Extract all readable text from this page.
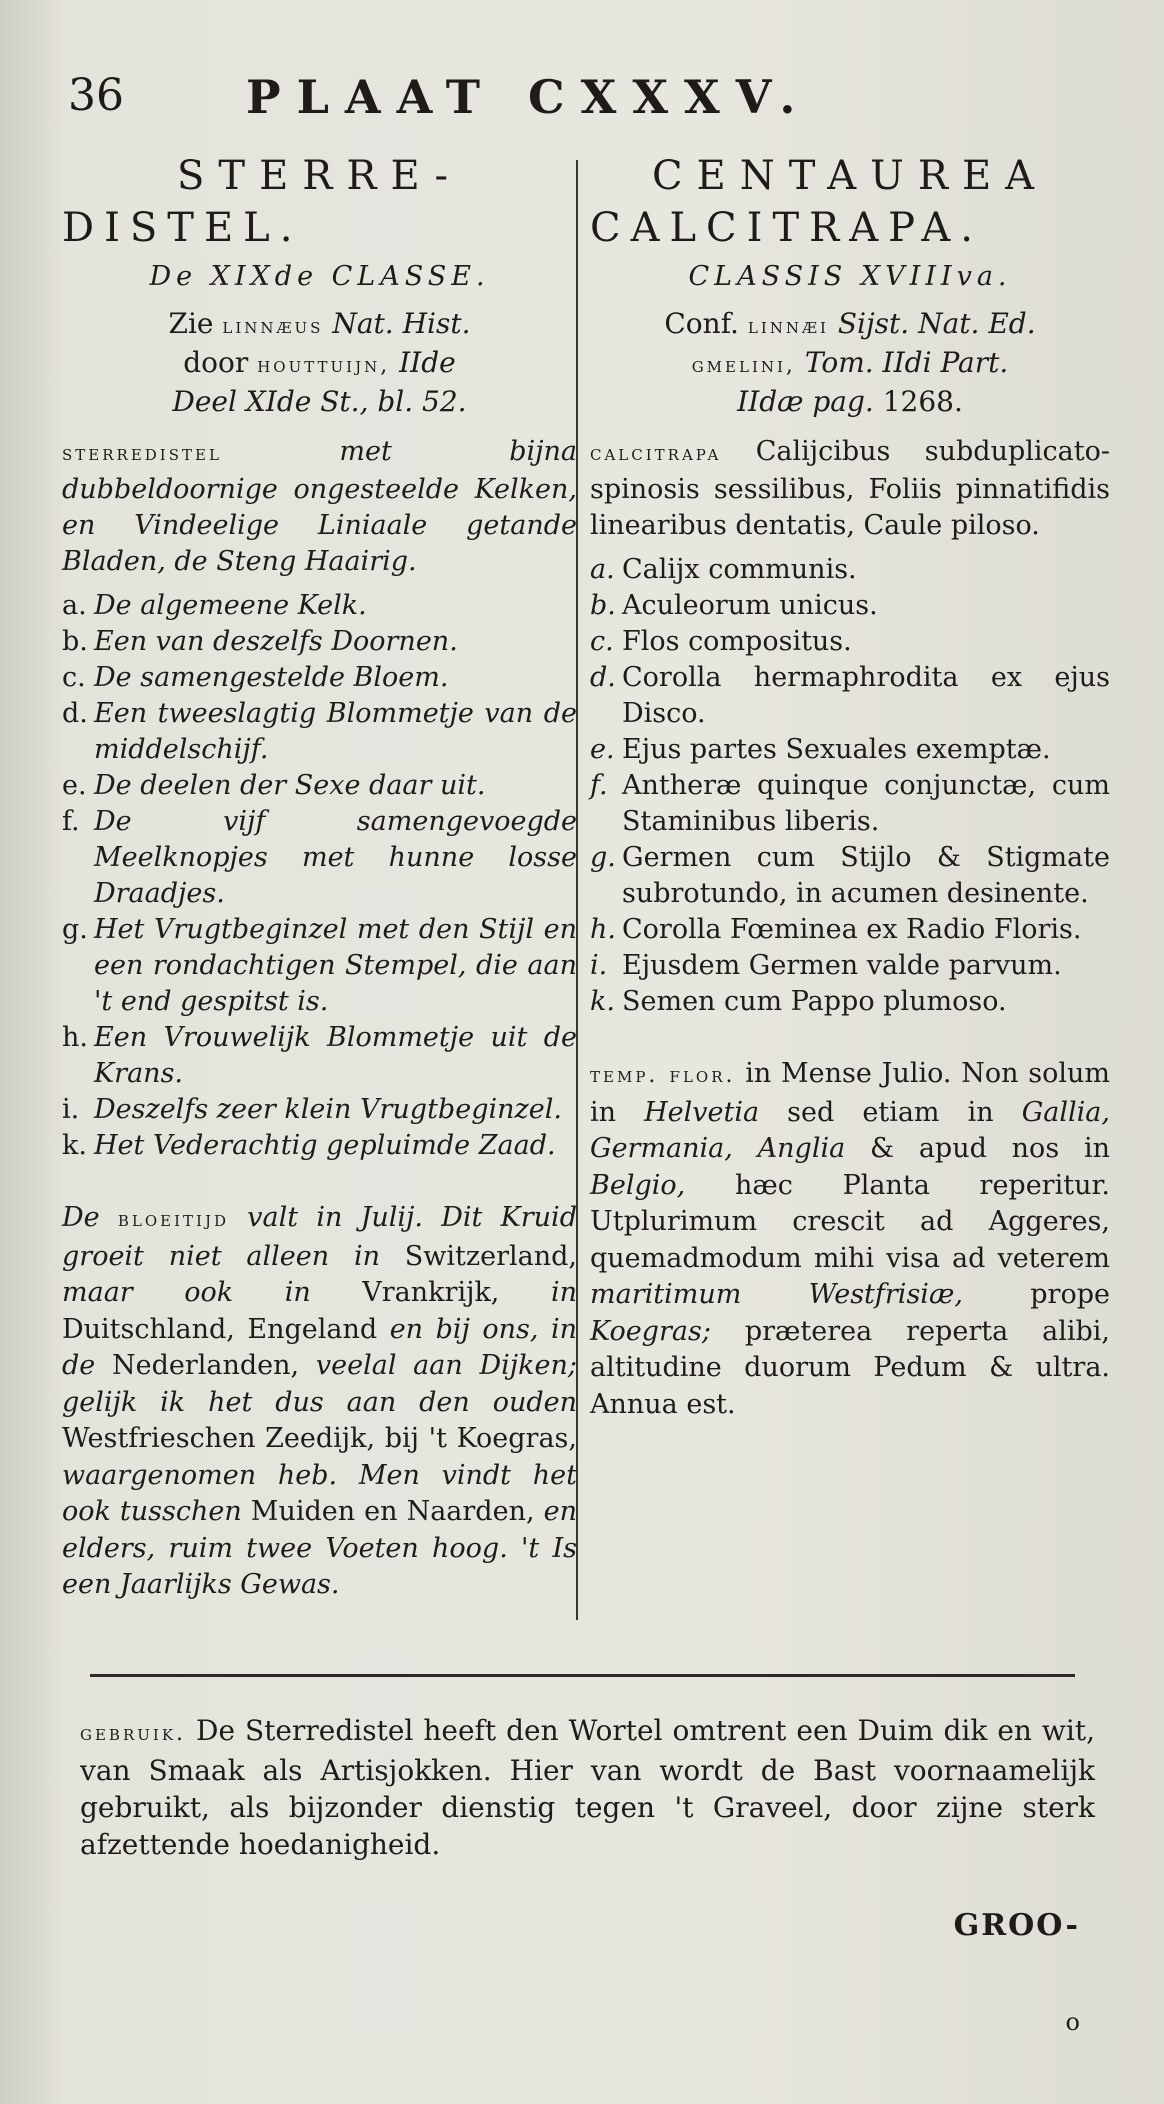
36	PLAAT CXXXV.

STERRE-

DISTEL.

De XIXde CLASSE.

Zie linnæus Nat. Hist.
door houttuijn, IIde
Deel XIde St., bl. 52.

sterredistel	met bijna dubbeldoornige ongesteelde Kelken, en Vindeelige Liniaale getande Bladen, de Steng Haairig.

a. De algemeene Kelk.
b. Een van deszelfs Doornen.
c. De samengestelde Bloem.
d. Een tweeslagtig Blommetje van de middelschijf.
e. De deelen der Sexe daar uit.
f. De vijf samengevoegde Meelknopjes met hunne losse Draadjes.
g. Het Vrugtbeginzel met den Stijl en een rondachtigen Stempel, die aan 't end gespitst is.
h. Een Vrouwelijk Blommetje uit de Krans.
i. Deszelfs zeer klein Vrugtbeginzel.
k. Het Vederachtig gepluimde Zaad.

De bloeitijd valt in Julij. Dit Kruid groeit niet alleen in Switzerland, maar ook in Vrankrijk, in Duitschland, Engeland en bij ons, in de Nederlanden, veelal aan Dijken; gelijk ik het dus aan den ouden Westfrieschen Zeedijk, bij 't Koegras, waargenomen heb. Men vindt het ook tusschen Muiden en Naarden, en elders, ruim twee Voeten hoog. 't Is een Jaarlijks Gewas.

CENTAUREA

CALCITRAPA.

CLASSIS XVIIIva.

Conf. linnæi Sijst. Nat. Ed.
gmelini, Tom. IIdi Part.
IIdæ pag. 1268.

calcitrapa Calijcibus subduplicato-spinosis sessilibus, Foliis pinnatifidis linearibus dentatis, Caule piloso.

a. Calijx communis.
b. Aculeorum unicus.
c. Flos compositus.
d. Corolla hermaphrodita ex ejus Disco.
e. Ejus partes Sexuales exemptæ.
f. Antheræ quinque conjunctæ, cum Staminibus liberis.
g. Germen cum Stijlo & Stigmate subrotundo, in acumen desinente.
h. Corolla Fœminea ex Radio Floris.
i. Ejusdem Germen valde parvum.
k. Semen cum Pappo plumoso.

temp. flor. in Mense Julio. Non solum in Helvetia sed etiam in Gallia, Germania, Anglia & apud nos in Belgio, hæc Planta reperitur. Utplurimum crescit ad Aggeres, quemadmodum mihi visa ad veterem maritimum Westfrisiæ, prope Koegras; præterea reperta alibi, altitudine duorum Pedum & ultra. Annua est.

gebruik. De Sterredistel heeft den Wortel omtrent een Duim dik en wit, van Smaak als Artisjokken. Hier van wordt de Bast voornaamelijk gebruikt, als bijzonder dienstig tegen 't Graveel, door zijne sterk afzettende hoedanigheid.

GROO-
o
